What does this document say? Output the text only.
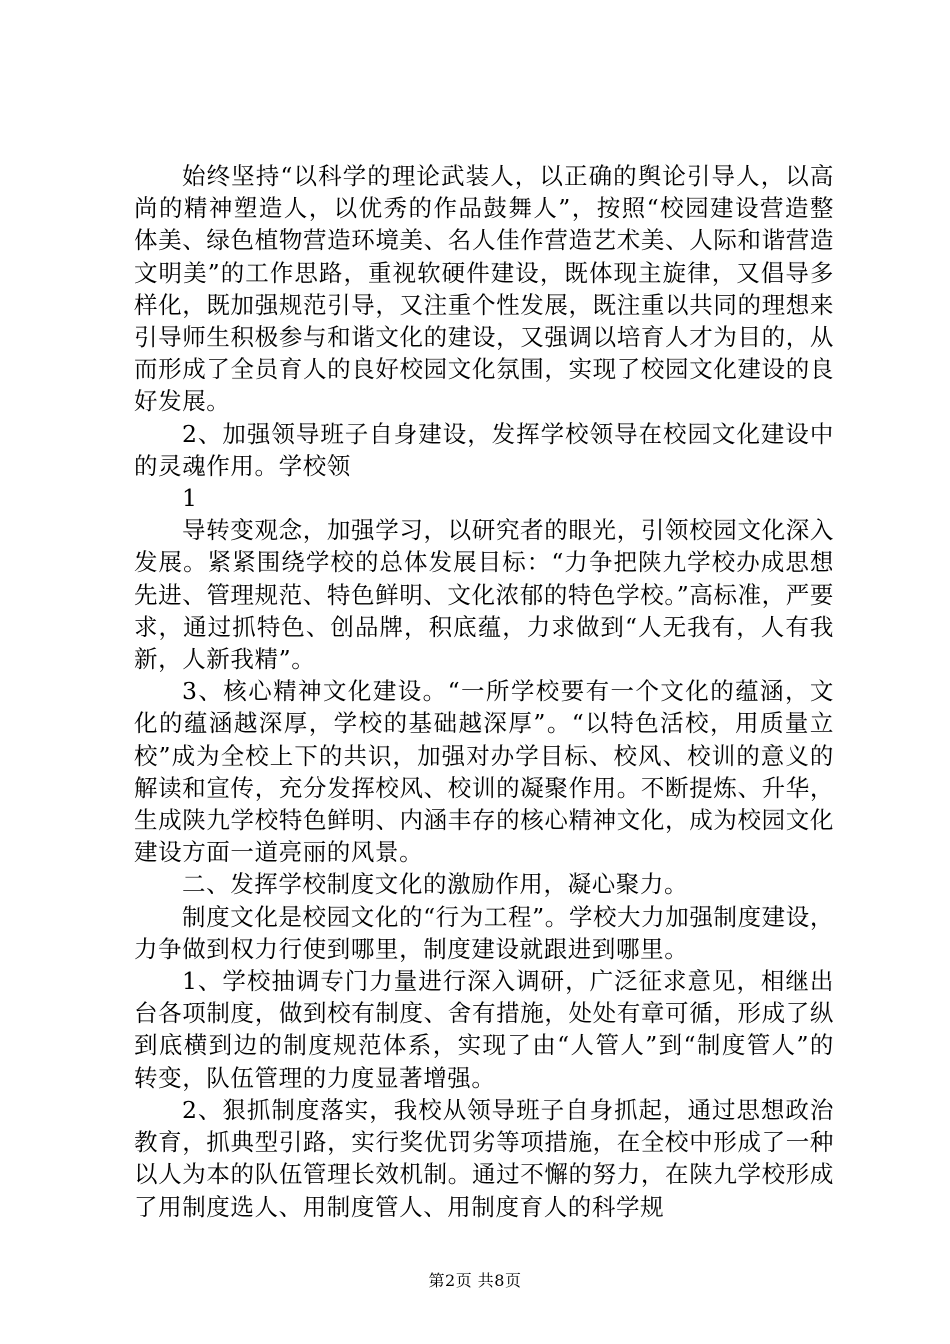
始终坚持“以科学的理论武装人，以正确的舆论引导人，以高尚的精神塑造人，以优秀的作品鼓舞人”，按照“校园建设营造整体美、绿色植物营造环境美、名人佳作营造艺术美、人际和谐营造文明美”的工作思路，重视软硬件建设，既体现主旋律，又倡导多样化，既加强规范引导，又注重个性发展，既注重以共同的理想来引导师生积极参与和谐文化的建设，又强调以培育人才为目的，从而形成了全员育人的良好校园文化氛围，实现了校园文化建设的良好发展。

2、加强领导班子自身建设，发挥学校领导在校园文化建设中的灵魂作用。学校领

1

导转变观念，加强学习，以研究者的眼光，引领校园文化深入发展。紧紧围绕学校的总体发展目标：“力争把陕九学校办成思想先进、管理规范、特色鲜明、文化浓郁的特色学校。”高标准，严要求，通过抓特色、创品牌，积底蕴，力求做到“人无我有，人有我新，人新我精”。

3、核心精神文化建设。“一所学校要有一个文化的蕴涵，文化的蕴涵越深厚，学校的基础越深厚”。“以特色活校，用质量立校”成为全校上下的共识，加强对办学目标、校风、校训的意义的解读和宣传，充分发挥校风、校训的凝聚作用。不断提炼、升华，生成陕九学校特色鲜明、内涵丰存的核心精神文化，成为校园文化建设方面一道亮丽的风景。

二、发挥学校制度文化的激励作用，凝心聚力。

制度文化是校园文化的“行为工程”。学校大力加强制度建设，力争做到权力行使到哪里，制度建设就跟进到哪里。

1、学校抽调专门力量进行深入调研，广泛征求意见，相继出台各项制度，做到校有制度、舍有措施，处处有章可循，形成了纵到底横到边的制度规范体系，实现了由“人管人”到“制度管人”的转变，队伍管理的力度显著增强。

2、狠抓制度落实，我校从领导班子自身抓起，通过思想政治教育，抓典型引路，实行奖优罚劣等项措施，在全校中形成了一种以人为本的队伍管理长效机制。通过不懈的努力，在陕九学校形成了用制度选人、用制度管人、用制度育人的科学规

第2页 共8页
